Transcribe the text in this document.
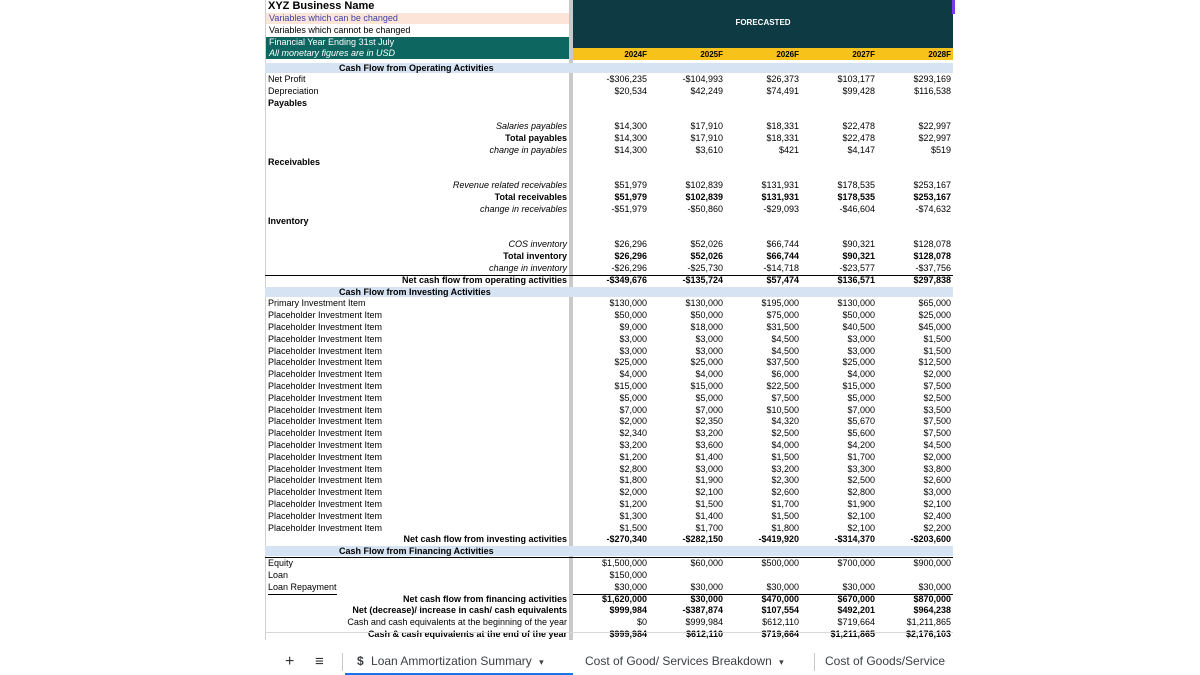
XYZ Business Name
Variables which can be changed
Variables which cannot be changed
Financial Year Ending 31st July
All monetary figures are in USD
FORECASTED
2024F	2025F	2026F	2027F	2028F
Cash Flow from Operating Activities
Net Profit	-$306,235	-$104,993	$26,373	$103,177	$293,169
Depreciation	$20,534	$42,249	$74,491	$99,428	$116,538
Payables
Salaries payables	$14,300	$17,910	$18,331	$22,478	$22,997
Total payables	$14,300	$17,910	$18,331	$22,478	$22,997
change in payables	$14,300	$3,610	$421	$4,147	$519
Receivables
Revenue related receivables	$51,979	$102,839	$131,931	$178,535	$253,167
Total receivables	$51,979	$102,839	$131,931	$178,535	$253,167
change in receivables	-$51,979	-$50,860	-$29,093	-$46,604	-$74,632
Inventory
COS inventory	$26,296	$52,026	$66,744	$90,321	$128,078
Total inventory	$26,296	$52,026	$66,744	$90,321	$128,078
change in inventory	-$26,296	-$25,730	-$14,718	-$23,577	-$37,756
Net cash flow from operating activities	-$349,676	-$135,724	$57,474	$136,571	$297,838
Cash Flow from Investing Activities
Primary Investment Item	$130,000	$130,000	$195,000	$130,000	$65,000
Placeholder Investment Item	$50,000	$50,000	$75,000	$50,000	$25,000
Placeholder Investment Item	$9,000	$18,000	$31,500	$40,500	$45,000
Placeholder Investment Item	$3,000	$3,000	$4,500	$3,000	$1,500
Placeholder Investment Item	$3,000	$3,000	$4,500	$3,000	$1,500
Placeholder Investment Item	$25,000	$25,000	$37,500	$25,000	$12,500
Placeholder Investment Item	$4,000	$4,000	$6,000	$4,000	$2,000
Placeholder Investment Item	$15,000	$15,000	$22,500	$15,000	$7,500
Placeholder Investment Item	$5,000	$5,000	$7,500	$5,000	$2,500
Placeholder Investment Item	$7,000	$7,000	$10,500	$7,000	$3,500
Placeholder Investment Item	$2,000	$2,350	$4,320	$5,670	$7,500
Placeholder Investment Item	$2,340	$3,200	$2,500	$5,600	$7,500
Placeholder Investment Item	$3,200	$3,600	$4,000	$4,200	$4,500
Placeholder Investment Item	$1,200	$1,400	$1,500	$1,700	$2,000
Placeholder Investment Item	$2,800	$3,000	$3,200	$3,300	$3,800
Placeholder Investment Item	$1,800	$1,900	$2,300	$2,500	$2,600
Placeholder Investment Item	$2,000	$2,100	$2,600	$2,800	$3,000
Placeholder Investment Item	$1,200	$1,500	$1,700	$1,900	$2,100
Placeholder Investment Item	$1,300	$1,400	$1,500	$2,100	$2,400
Placeholder Investment Item	$1,500	$1,700	$1,800	$2,100	$2,200
Net cash flow from investing activities	-$270,340	-$282,150	-$419,920	-$314,370	-$203,600
Cash Flow from Financing Activities
Equity	$1,500,000	$60,000	$500,000	$700,000	$900,000
Loan	$150,000
Loan Repayment	$30,000	$30,000	$30,000	$30,000	$30,000
Net cash flow from financing activities	$1,620,000	$30,000	$470,000	$670,000	$870,000
Net (decrease)/ increase in cash/ cash equivalents	$999,984	-$387,874	$107,554	$492,201	$964,238
Cash and cash equivalents at the beginning of the year	$0	$999,984	$612,110	$719,664	$1,211,865
Cash & cash equivalents at the end of the year	$999,984	$612,110	$719,664	$1,211,865	$2,176,103
+ ≡	$ Loan Ammortization Summary ▾	Cost of Good/ Services Breakdown ▾	Cost of Goods/Service
